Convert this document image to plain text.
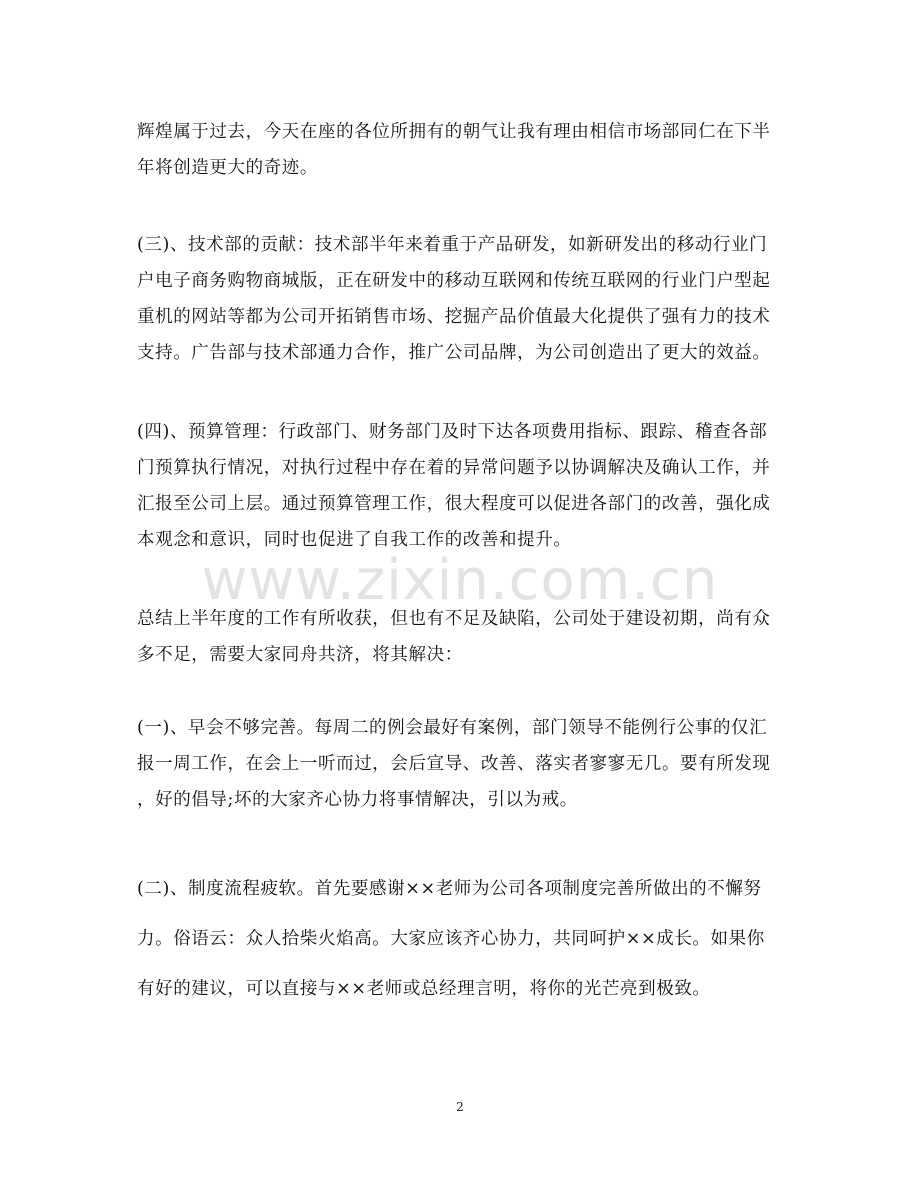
www.zixin.com.cn
辉煌属于过去，今天在座的各位所拥有的朝气让我有理由相信市场部同仁在下半
年将创造更大的奇迹。
(三)、技术部的贡献：技术部半年来着重于产品研发，如新研发出的移动行业门
户电子商务购物商城版，正在研发中的移动互联网和传统互联网的行业门户型起
重机的网站等都为公司开拓销售市场、挖掘产品价值最大化提供了强有力的技术
支持。广告部与技术部通力合作，推广公司品牌，为公司创造出了更大的效益。
(四)、预算管理：行政部门、财务部门及时下达各项费用指标、跟踪、稽查各部
门预算执行情况，对执行过程中存在着的异常问题予以协调解决及确认工作，并
汇报至公司上层。通过预算管理工作，很大程度可以促进各部门的改善，强化成
本观念和意识，同时也促进了自我工作的改善和提升。
总结上半年度的工作有所收获，但也有不足及缺陷，公司处于建设初期，尚有众
多不足，需要大家同舟共济，将其解决：
(一)、早会不够完善。每周二的例会最好有案例，部门领导不能例行公事的仅汇
报一周工作，在会上一听而过，会后宣导、改善、落实者寥寥无几。要有所发现
，好的倡导;坏的大家齐心协力将事情解决，引以为戒。
(二)、制度流程疲软。首先要感谢××老师为公司各项制度完善所做出的不懈努
力。俗语云：众人拾柴火焰高。大家应该齐心协力，共同呵护××成长。如果你
有好的建议，可以直接与××老师或总经理言明，将你的光芒亮到极致。
2
